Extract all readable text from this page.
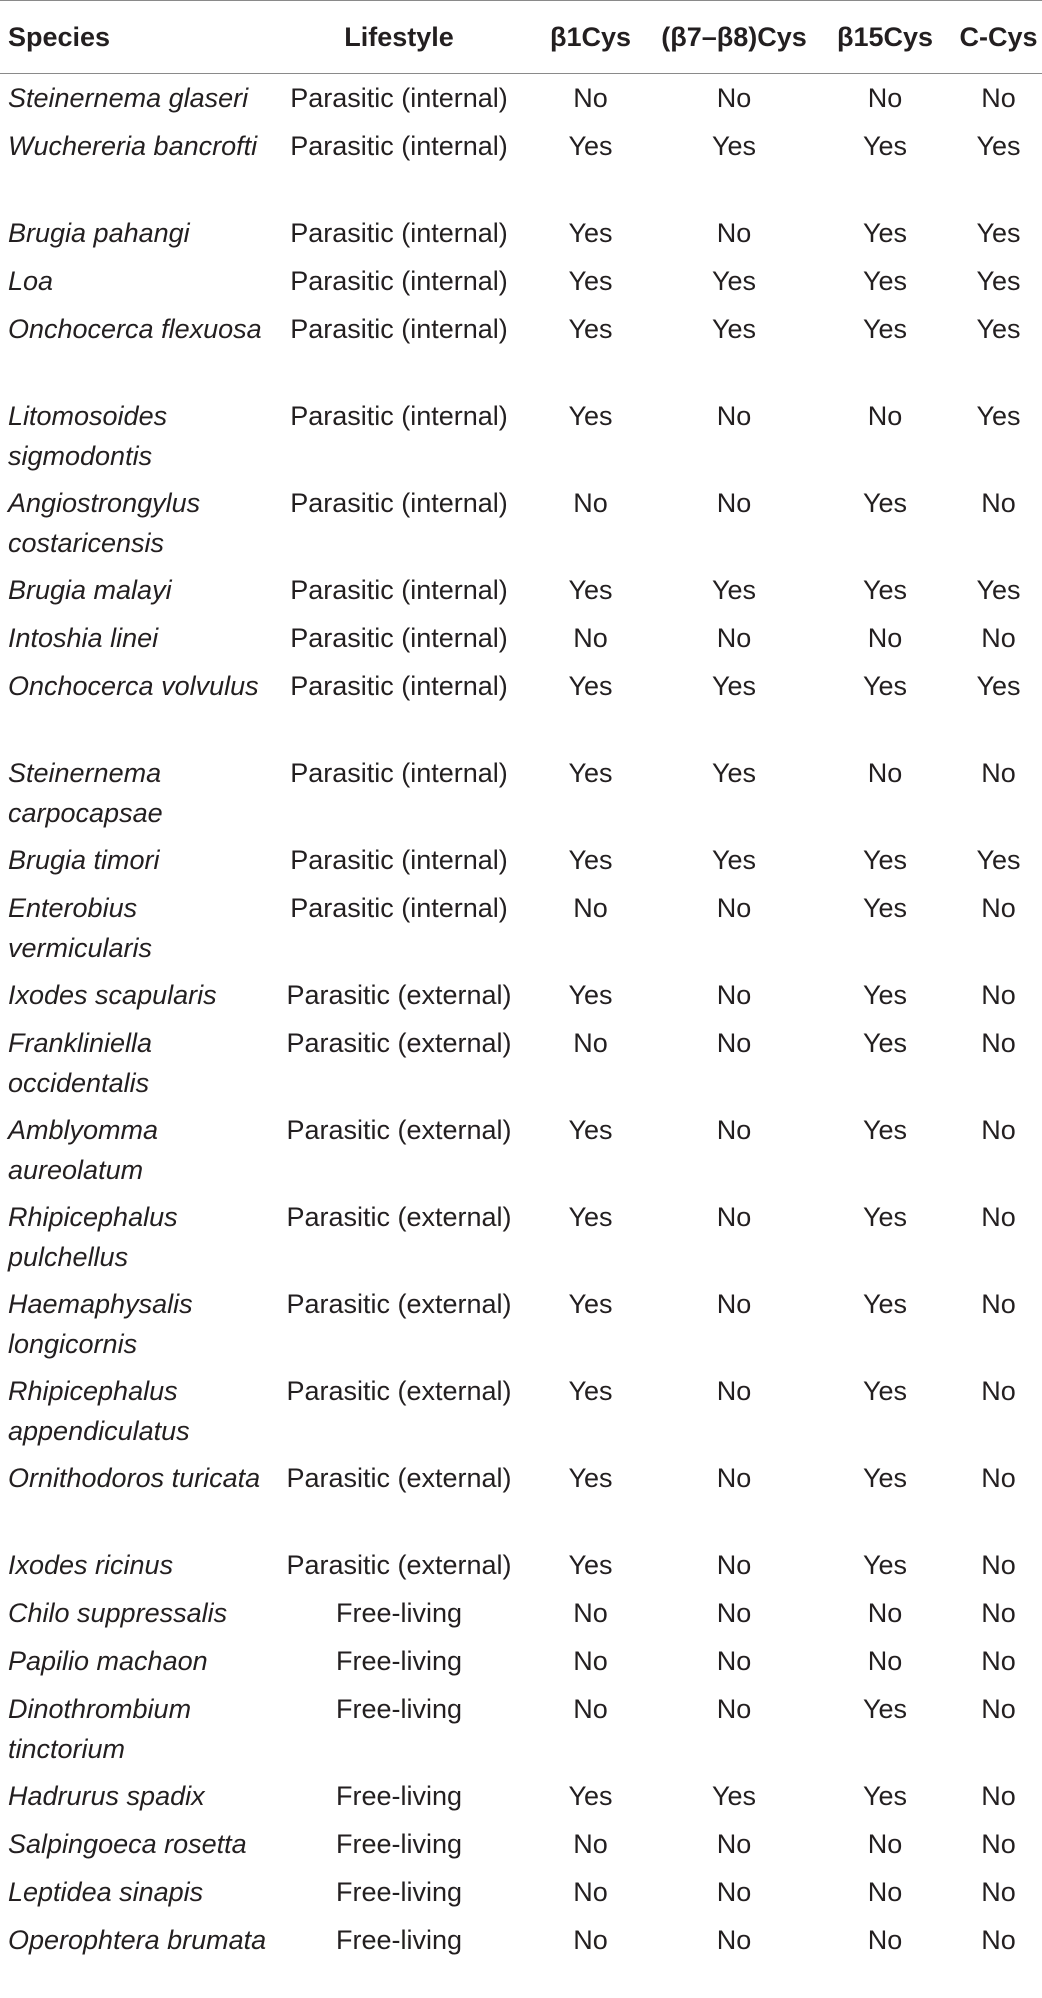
Species	Lifestyle	β1Cys	(β7–β8)Cys	β15Cys	C-Cys
Steinernema glaseri	Parasitic (internal)	No	No	No	No
Wuchereria bancrofti	Parasitic (internal)	Yes	Yes	Yes	Yes
Brugia pahangi	Parasitic (internal)	Yes	No	Yes	Yes
Loa	Parasitic (internal)	Yes	Yes	Yes	Yes
Onchocerca flexuosa	Parasitic (internal)	Yes	Yes	Yes	Yes
Litomosoides sigmodontis	Parasitic (internal)	Yes	No	No	Yes
Angiostrongylus costaricensis	Parasitic (internal)	No	No	Yes	No
Brugia malayi	Parasitic (internal)	Yes	Yes	Yes	Yes
Intoshia linei	Parasitic (internal)	No	No	No	No
Onchocerca volvulus	Parasitic (internal)	Yes	Yes	Yes	Yes
Steinernema carpocapsae	Parasitic (internal)	Yes	Yes	No	No
Brugia timori	Parasitic (internal)	Yes	Yes	Yes	Yes
Enterobius vermicularis	Parasitic (internal)	No	No	Yes	No
Ixodes scapularis	Parasitic (external)	Yes	No	Yes	No
Frankliniella occidentalis	Parasitic (external)	No	No	Yes	No
Amblyomma aureolatum	Parasitic (external)	Yes	No	Yes	No
Rhipicephalus pulchellus	Parasitic (external)	Yes	No	Yes	No
Haemaphysalis longicornis	Parasitic (external)	Yes	No	Yes	No
Rhipicephalus appendiculatus	Parasitic (external)	Yes	No	Yes	No
Ornithodoros turicata	Parasitic (external)	Yes	No	Yes	No
Ixodes ricinus	Parasitic (external)	Yes	No	Yes	No
Chilo suppressalis	Free-living	No	No	No	No
Papilio machaon	Free-living	No	No	No	No
Dinothrombium tinctorium	Free-living	No	No	Yes	No
Hadrurus spadix	Free-living	Yes	Yes	Yes	No
Salpingoeca rosetta	Free-living	No	No	No	No
Leptidea sinapis	Free-living	No	No	No	No
Operophtera brumata	Free-living	No	No	No	No
